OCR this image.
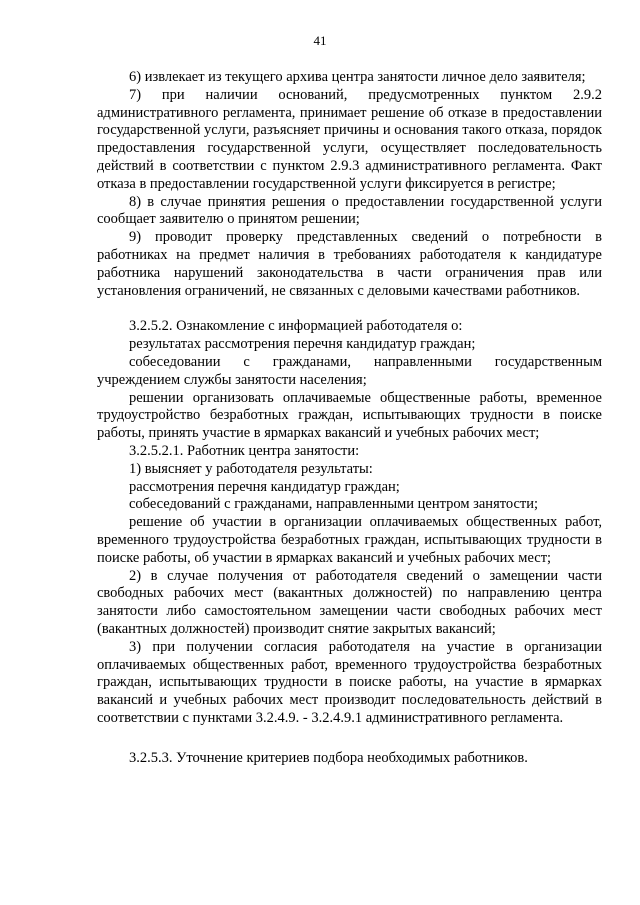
41

6) извлекает из текущего архива центра занятости личное дело заявителя;

7) при наличии оснований, предусмотренных пунктом 2.9.2 административного регламента, принимает решение об отказе в предоставлении государственной услуги, разъясняет причины и основания такого отказа, порядок предоставления государственной услуги, осуществляет последовательность действий в соответствии с пунктом 2.9.3 административного регламента. Факт отказа в предоставлении государственной услуги фиксируется в регистре;

8) в случае принятия решения о предоставлении государственной услуги сообщает заявителю о принятом решении;

9) проводит проверку представленных сведений о потребности в работниках на предмет наличия в требованиях работодателя к кандидатуре работника нарушений законодательства в части ограничения прав или установления ограничений, не связанных с деловыми качествами работников.

3.2.5.2. Ознакомление с информацией работодателя о:

результатах рассмотрения перечня кандидатур граждан;

собеседовании с гражданами, направленными государственным учреждением службы занятости населения;

решении организовать оплачиваемые общественные работы, временное трудоустройство безработных граждан, испытывающих трудности в поиске работы, принять участие в ярмарках вакансий и учебных рабочих мест;

3.2.5.2.1. Работник центра занятости:

1) выясняет у работодателя результаты:

рассмотрения перечня кандидатур граждан;

собеседований с гражданами, направленными центром занятости;

решение об участии в организации оплачиваемых общественных работ, временного трудоустройства безработных граждан, испытывающих трудности в поиске работы, об участии в ярмарках вакансий и учебных рабочих мест;

2) в случае получения от работодателя сведений о замещении части свободных рабочих мест (вакантных должностей) по направлению центра занятости либо самостоятельном замещении части свободных рабочих мест (вакантных должностей) производит снятие закрытых вакансий;

3) при получении согласия работодателя на участие в организации оплачиваемых общественных работ, временного трудоустройства безработных граждан, испытывающих трудности в поиске работы, на участие в ярмарках вакансий и учебных рабочих мест производит последовательность действий в соответствии с пунктами 3.2.4.9. - 3.2.4.9.1 административного регламента.

3.2.5.3. Уточнение критериев подбора необходимых работников.
